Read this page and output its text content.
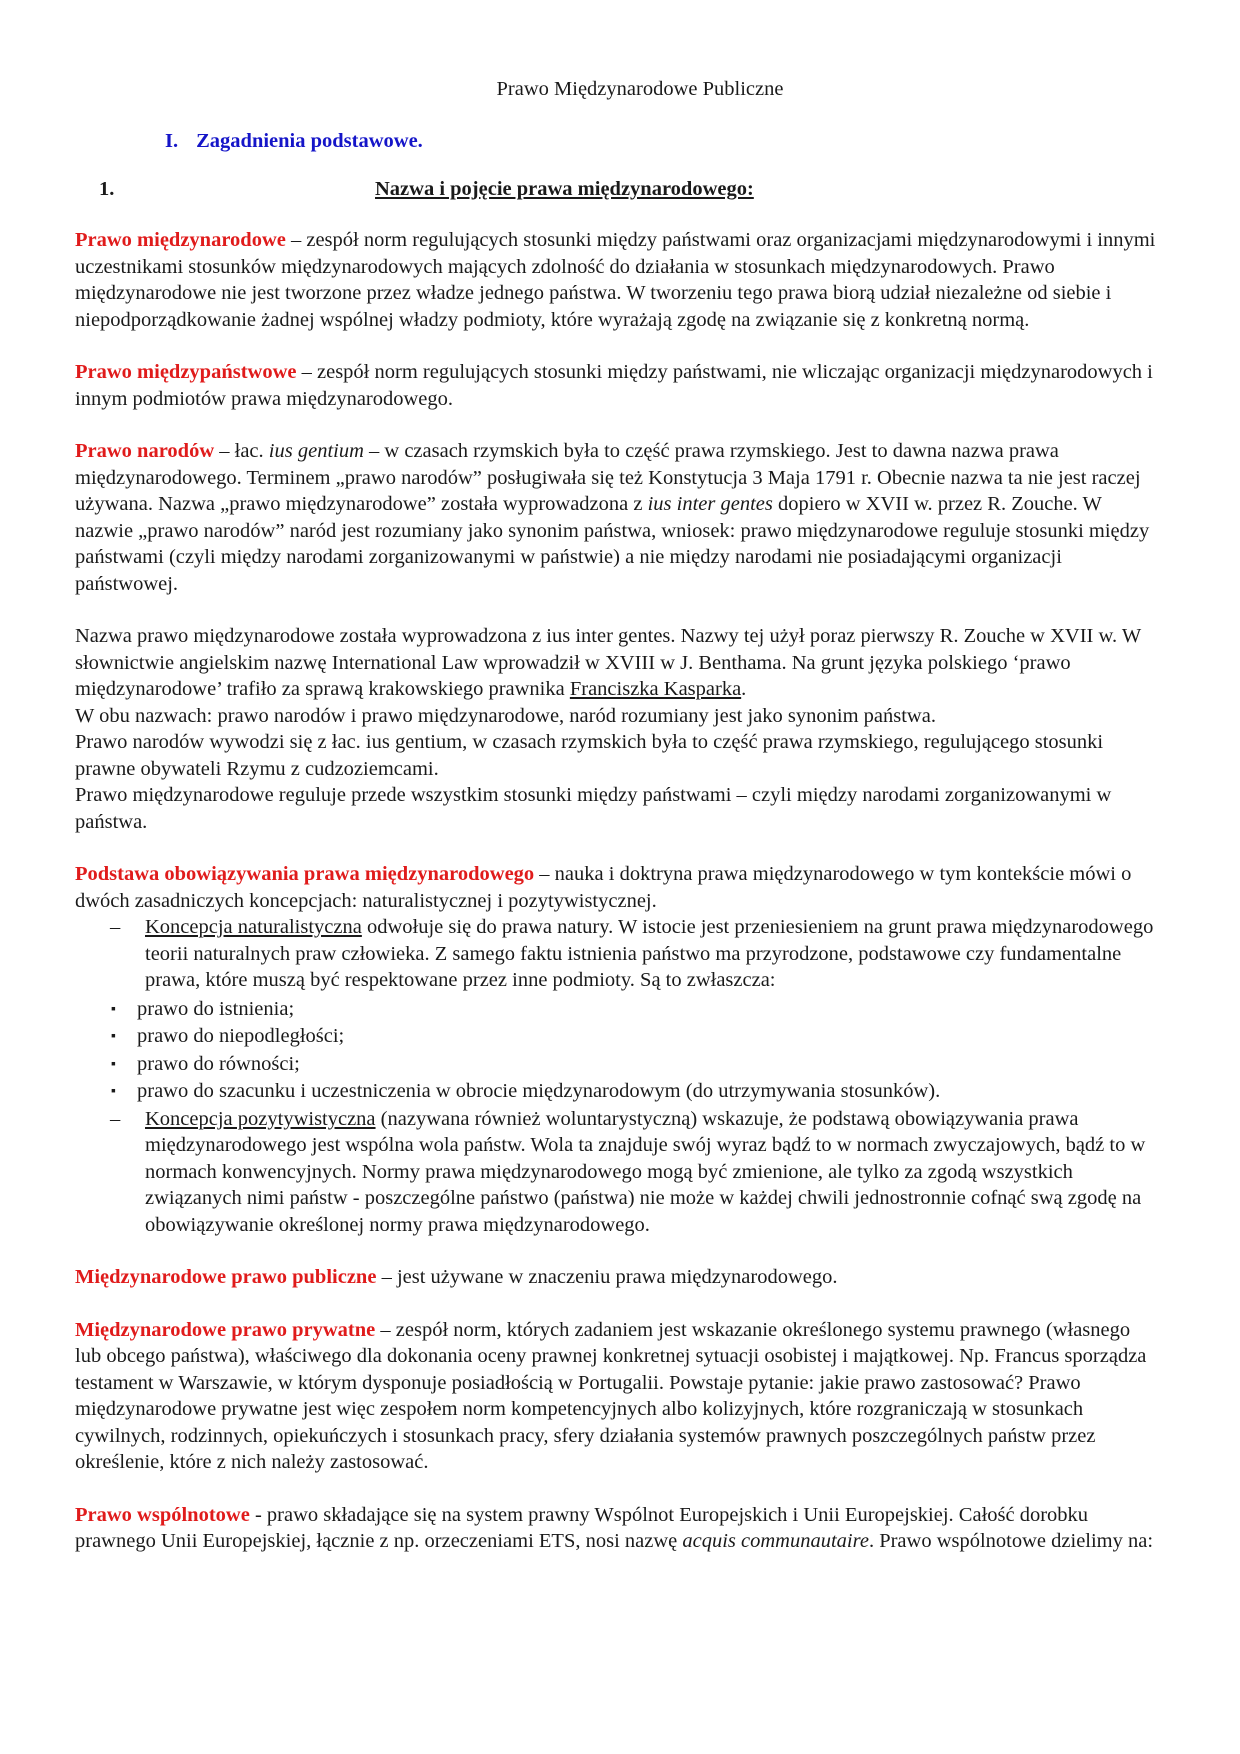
Prawo Międzynarodowe Publiczne
I. Zagadnienia podstawowe.
1.	Nazwa i pojęcie prawa międzynarodowego:

Prawo międzynarodowe – zespół norm regulujących stosunki między państwami oraz organizacjami międzynarodowymi i innymi uczestnikami stosunków międzynarodowych mających zdolność do działania w stosunkach międzynarodowych. Prawo międzynarodowe nie jest tworzone przez władze jednego państwa. W tworzeniu tego prawa biorą udział niezależne od siebie i niepodporządkowanie żadnej wspólnej władzy podmioty, które wyrażają zgodę na związanie się z konkretną normą.

Prawo międzypaństwowe – zespół norm regulujących stosunki między państwami, nie wliczając organizacji międzynarodowych i innym podmiotów prawa międzynarodowego.

Prawo narodów – łac. ius gentium – w czasach rzymskich była to część prawa rzymskiego. Jest to dawna nazwa prawa międzynarodowego. Terminem „prawo narodów” posługiwała się też Konstytucja 3 Maja 1791 r. Obecnie nazwa ta nie jest raczej używana. Nazwa „prawo międzynarodowe” została wyprowadzona z ius inter gentes dopiero w XVII w. przez R. Zouche. W nazwie „prawo narodów” naród jest rozumiany jako synonim państwa, wniosek: prawo międzynarodowe reguluje stosunki między państwami (czyli między narodami zorganizowanymi w państwie) a nie między narodami nie posiadającymi organizacji państwowej.

Nazwa prawo międzynarodowe została wyprowadzona z ius inter gentes. Nazwy tej użył poraz pierwszy R. Zouche w XVII w. W słownictwie angielskim nazwę International Law wprowadził w XVIII w J. Benthama. Na grunt języka polskiego ‘prawo międzynarodowe’ trafiło za sprawą krakowskiego prawnika Franciszka Kasparka.

W obu nazwach: prawo narodów i prawo międzynarodowe, naród rozumiany jest jako synonim państwa.

Prawo narodów wywodzi się z łac. ius gentium, w czasach rzymskich była to część prawa rzymskiego, regulującego stosunki prawne obywateli Rzymu z cudzoziemcami.

Prawo międzynarodowe reguluje przede wszystkim stosunki między państwami – czyli między narodami zorganizowanymi w państwa.

Podstawa obowiązywania prawa międzynarodowego – nauka i doktryna prawa międzynarodowego w tym kontekście mówi o dwóch zasadniczych koncepcjach: naturalistycznej i pozytywistycznej.

–	Koncepcja naturalistyczna odwołuje się do prawa natury. W istocie jest przeniesieniem na grunt prawa międzynarodowego teorii naturalnych praw człowieka. Z samego faktu istnienia państwo ma przyrodzone, podstawowe czy fundamentalne prawa, które muszą być respektowane przez inne podmioty. Są to zwłaszcza:
▪ prawo do istnienia;
▪ prawo do niepodległości;
▪ prawo do równości;
▪ prawo do szacunku i uczestniczenia w obrocie międzynarodowym (do utrzymywania stosunków).
–	Koncepcja pozytywistyczna (nazywana również woluntarystyczną) wskazuje, że podstawą obowiązywania prawa międzynarodowego jest wspólna wola państw. Wola ta znajduje swój wyraz bądź to w normach zwyczajowych, bądź to w normach konwencyjnych. Normy prawa międzynarodowego mogą być zmienione, ale tylko za zgodą wszystkich związanych nimi państw - poszczególne państwo (państwa) nie może w każdej chwili jednostronnie cofnąć swą zgodę na obowiązywanie określonej normy prawa międzynarodowego.

Międzynarodowe prawo publiczne – jest używane w znaczeniu prawa międzynarodowego.

Międzynarodowe prawo prywatne – zespół norm, których zadaniem jest wskazanie określonego systemu prawnego (własnego lub obcego państwa), właściwego dla dokonania oceny prawnej konkretnej sytuacji osobistej i majątkowej. Np. Francus sporządza testament w Warszawie, w którym dysponuje posiadłością w Portugalii. Powstaje pytanie: jakie prawo zastosować? Prawo międzynarodowe prywatne jest więc zespołem norm kompetencyjnych albo kolizyjnych, które rozgraniczają w stosunkach cywilnych, rodzinnych, opiekuńczych i stosunkach pracy, sfery działania systemów prawnych poszczególnych państw przez określenie, które z nich należy zastosować.

Prawo wspólnotowe - prawo składające się na system prawny Wspólnot Europejskich i Unii Europejskiej. Całość dorobku prawnego Unii Europejskiej, łącznie z np. orzeczeniami ETS, nosi nazwę acquis communautaire. Prawo wspólnotowe dzielimy na:
